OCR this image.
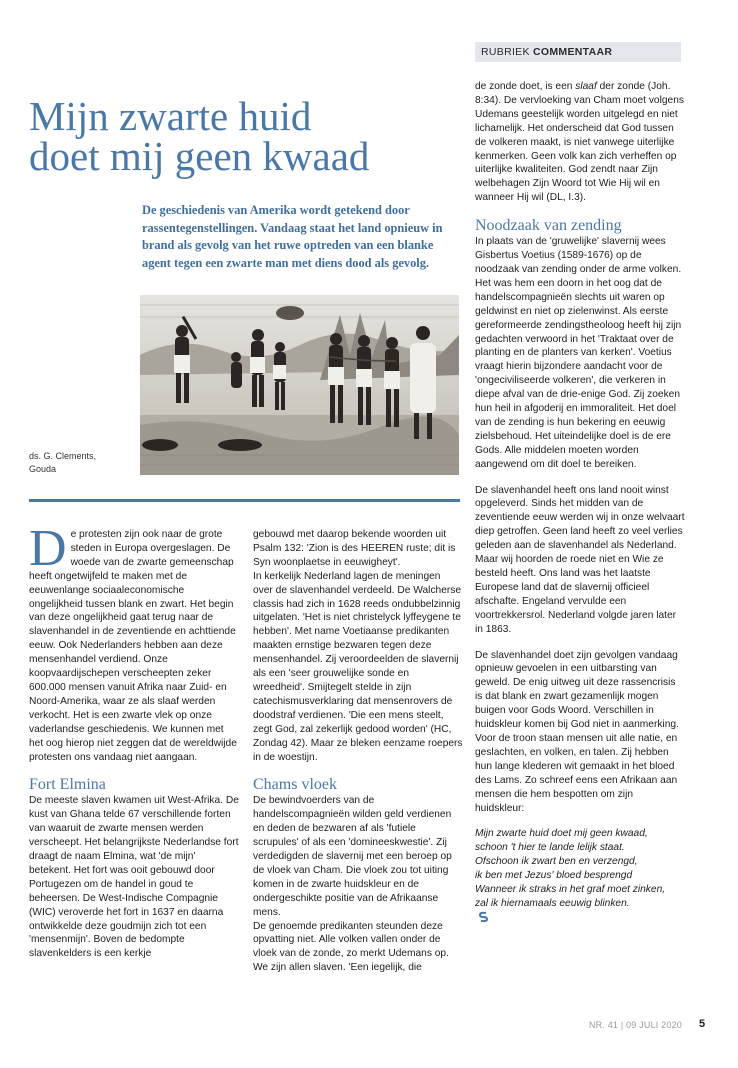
RUBRIEK COMMENTAAR
Mijn zwarte huid
doet mij geen kwaad
De geschiedenis van Amerika wordt getekend door rassentegenstellingen. Vandaag staat het land opnieuw in brand als gevolg van het ruwe optreden van een blanke agent tegen een zwarte man met diens dood als gevolg.
ds. G. Clements,
Gouda

De protesten zijn ook naar de grote steden in Europa overgeslagen. De woede van de zwarte gemeenschap heeft ongetwijfeld te maken met de eeuwenlange sociaaleconomische ongelijkheid tussen blank en zwart. Het begin van deze ongelijkheid gaat terug naar de slavenhandel in de zeventiende en achttiende eeuw. Ook Nederlanders hebben aan deze mensenhandel verdiend. Onze koopvaardijschepen verscheepten zeker 600.000 mensen vanuit Afrika naar Zuid- en Noord-Amerika, waar ze als slaaf werden verkocht. Het is een zwarte vlek op onze vaderlandse geschiedenis. We kunnen met het oog hierop niet zeggen dat de wereldwijde protesten ons vandaag niet aangaan.

Fort Elmina

De meeste slaven kwamen uit West-Afrika. De kust van Ghana telde 67 verschillende forten van waaruit de zwarte mensen werden verscheept. Het belangrijkste Nederlandse fort draagt de naam Elmina, wat 'de mijn' betekent. Het fort was ooit gebouwd door Portugezen om de handel in goud te beheersen. De West-Indische Compagnie (WIC) veroverde het fort in 1637 en daarna ontwikkelde deze goudmijn zich tot een 'mensenmijn'. Boven de bedompte slavenkelders is een kerkje

gebouwd met daarop bekende woorden uit Psalm 132: 'Zion is des HEEREN ruste; dit is Syn woonplaetse in eeuwigheyt'.

In kerkelijk Nederland lagen de meningen over de slavenhandel verdeeld. De Walcherse classis had zich in 1628 reeds ondubbelzinnig uitgelaten. 'Het is niet christelyck lyffeygene te hebben'. Met name Voetiaanse predikanten maakten ernstige bezwaren tegen deze mensenhandel. Zij veroordeelden de slavernij als een 'seer grouwelijke sonde en wreedheid'. Smijtegelt stelde in zijn catechismusverklaring dat mensenrovers de doodstraf verdienen. 'Die een mens steelt, zegt God, zal zekerlijk gedood worden' (HC, Zondag 42). Maar ze bleken eenzame roepers in de woestijn.

Chams vloek

De bewindvoerders van de handelscompagnieën wilden geld verdienen en deden de bezwaren af als 'futiele scrupules' of als een 'domineeskwestie'. Zij verdedigden de slavernij met een beroep op de vloek van Cham. Die vloek zou tot uiting komen in de zwarte huidskleur en de ondergeschikte positie van de Afrikaanse mens.

De genoemde predikanten steunden deze opvatting niet. Alle volken vallen onder de vloek van de zonde, zo merkt Udemans op. We zijn allen slaven. 'Een iegelijk, die

de zonde doet, is een slaaf der zonde (Joh. 8:34). De vervloeking van Cham moet volgens Udemans geestelijk worden uitgelegd en niet lichamelijk. Het onderscheid dat God tussen de volkeren maakt, is niet vanwege uiterlijke kenmerken. Geen volk kan zich verheffen op uiterlijke kwaliteiten. God zendt naar Zijn welbehagen Zijn Woord tot Wie Hij wil en wanneer Hij wil (DL, I.3).

Noodzaak van zending

In plaats van de 'gruwelijke' slavernij wees Gisbertus Voetius (1589-1676) op de noodzaak van zending onder de arme volken. Het was hem een doorn in het oog dat de handelscompagnieën slechts uit waren op geldwinst en niet op zielenwinst. Als eerste gereformeerde zendingstheoloog heeft hij zijn gedachten verwoord in het 'Traktaat over de planting en de planters van kerken'. Voetius vraagt hierin bijzondere aandacht voor de 'ongeciviliseerde volkeren', die verkeren in diepe afval van de drie-enige God. Zij zoeken hun heil in afgoderij en immoraliteit. Het doel van de zending is hun bekering en eeuwig zielsbehoud. Het uiteindelijke doel is de ere Gods. Alle middelen moeten worden aangewend om dit doel te bereiken.

De slavenhandel heeft ons land nooit winst opgeleverd. Sinds het midden van de zeventiende eeuw werden wij in onze welvaart diep getroffen. Geen land heeft zo veel verlies geleden aan de slavenhandel als Nederland. Maar wij hoorden de roede niet en Wie ze besteld heeft. Ons land was het laatste Europese land dat de slavernij officieel afschafte. Engeland vervulde een voortrekkersrol. Nederland volgde jaren later in 1863.

De slavenhandel doet zijn gevolgen vandaag opnieuw gevoelen in een uitbarsting van geweld. De enig uitweg uit deze rassencrisis is dat blank en zwart gezamenlijk mogen buigen voor Gods Woord. Verschillen in huidskleur komen bij God niet in aanmerking. Voor de troon staan mensen uit alle natie, en geslachten, en volken, en talen. Zij hebben hun lange klederen wit gemaakt in het bloed des Lams. Zo schreef eens een Afrikaan aan mensen die hem bespotten om zijn huidskleur:

Mijn zwarte huid doet mij geen kwaad,
schoon 't hier te lande lelijk staat.
Ofschoon ik zwart ben en verzengd,
ik ben met Jezus' bloed besprengd
Wanneer ik straks in het graf moet zinken,
zal ik hiernamaals eeuwig blinken.

NR. 41 | 09 JULI 2020 5
